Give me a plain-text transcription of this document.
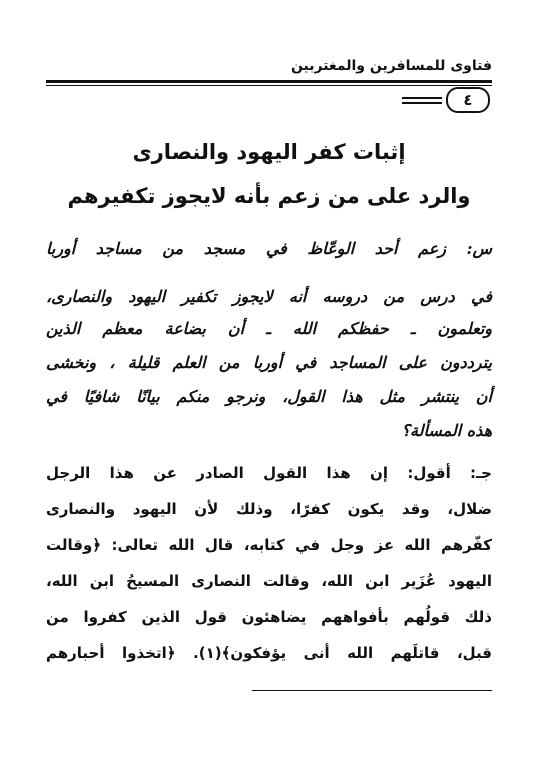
فتاوى للمسافرين والمغتربين
٤
إثبات كفر اليهود والنصارى
والرد على من زعم بأنه لايجوز تكفيرهم
س: زعم أحد الوعّاظ في مسجد من مساجد أوربا
في درس من دروسه أنه لايجوز تكفير اليهود والنصارى،
وتعلمون ـ حفظكم الله ـ أن بضاعة معظم الذين
يترددون على المساجد في أوربا من العلم قليلة ، ونخشى
أن ينتشر مثل هذا القول، ونرجو منكم بيانًا شافيًا في
هذه المسألة؟
جـ: أقول: إن هذا القول الصادر عن هذا الرجل
ضلال، وقد يكون كفرًا، وذلك لأن اليهود والنصارى
كفّرهم الله عز وجل في كتابه، قال الله تعالى: ﴿وقالت
اليهود عُزَير ابن الله، وقالت النصارى المسيحُ ابن الله،
ذلك قولُهم بأفواههم يضاهئون قول الذين كفروا من
قبل، قاتلَهم الله أنى يؤفكون﴾(١). ﴿اتخذوا أحبارهم
